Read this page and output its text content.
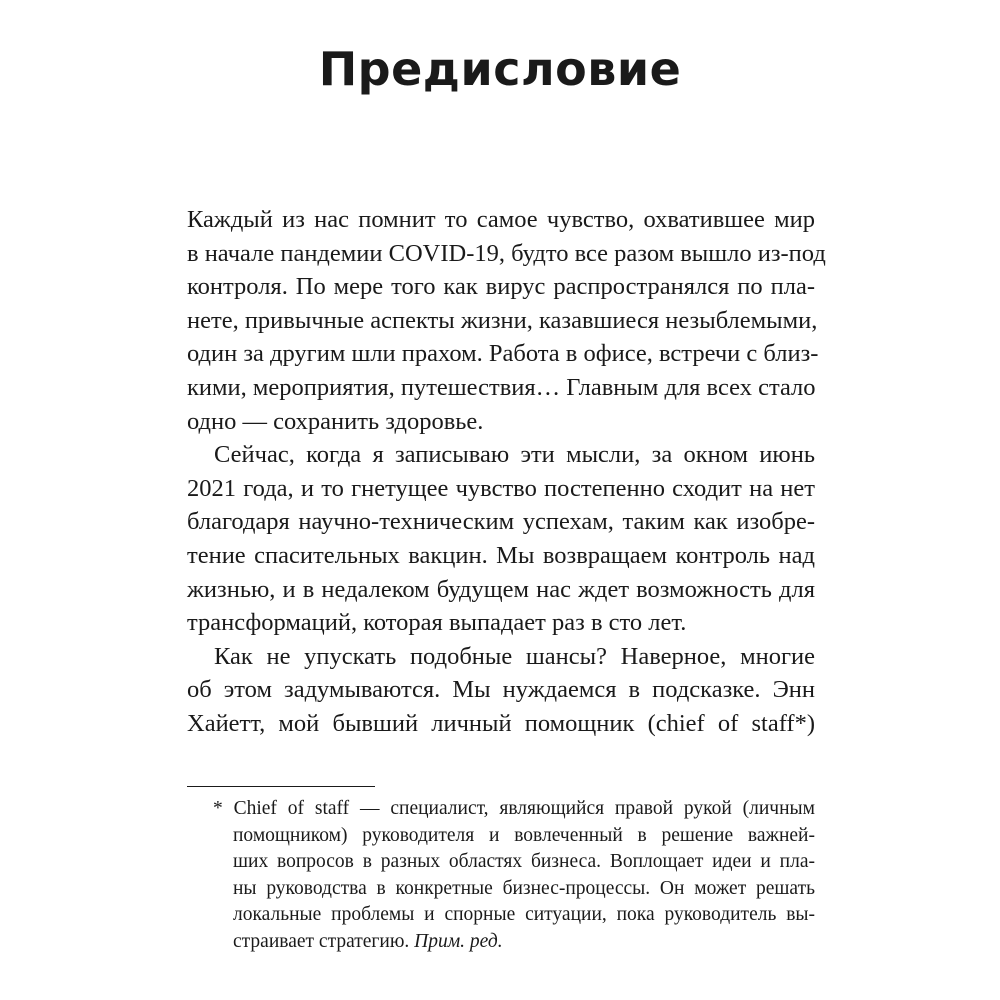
Предисловие
Каждый из нас помнит то самое чувство, охватившее мир
в начале пандемии COVID-19, будто все разом вышло из-под
контроля. По мере того как вирус распространялся по пла-
нете, привычные аспекты жизни, казавшиеся незыблемыми,
один за другим шли прахом. Работа в офисе, встречи с близ-
кими, мероприятия, путешествия… Главным для всех стало
одно — сохранить здоровье.
Сейчас, когда я записываю эти мысли, за окном июнь
2021 года, и то гнетущее чувство постепенно сходит на нет
благодаря научно-техническим успехам, таким как изобре-
тение спасительных вакцин. Мы возвращаем контроль над
жизнью, и в недалеком будущем нас ждет возможность для
трансформаций, которая выпадает раз в сто лет.
Как не упускать подобные шансы? Наверное, многие
об этом задумываются. Мы нуждаемся в подсказке. Энн
Хайетт, мой бывший личный помощник (chief of staff*)
* Chief of staff — специалист, являющийся правой рукой (личным
помощником) руководителя и вовлеченный в решение важней-
ших вопросов в разных областях бизнеса. Воплощает идеи и пла-
ны руководства в конкретные бизнес-процессы. Он может решать
локальные проблемы и спорные ситуации, пока руководитель вы-
страивает стратегию. Прим. ред.
